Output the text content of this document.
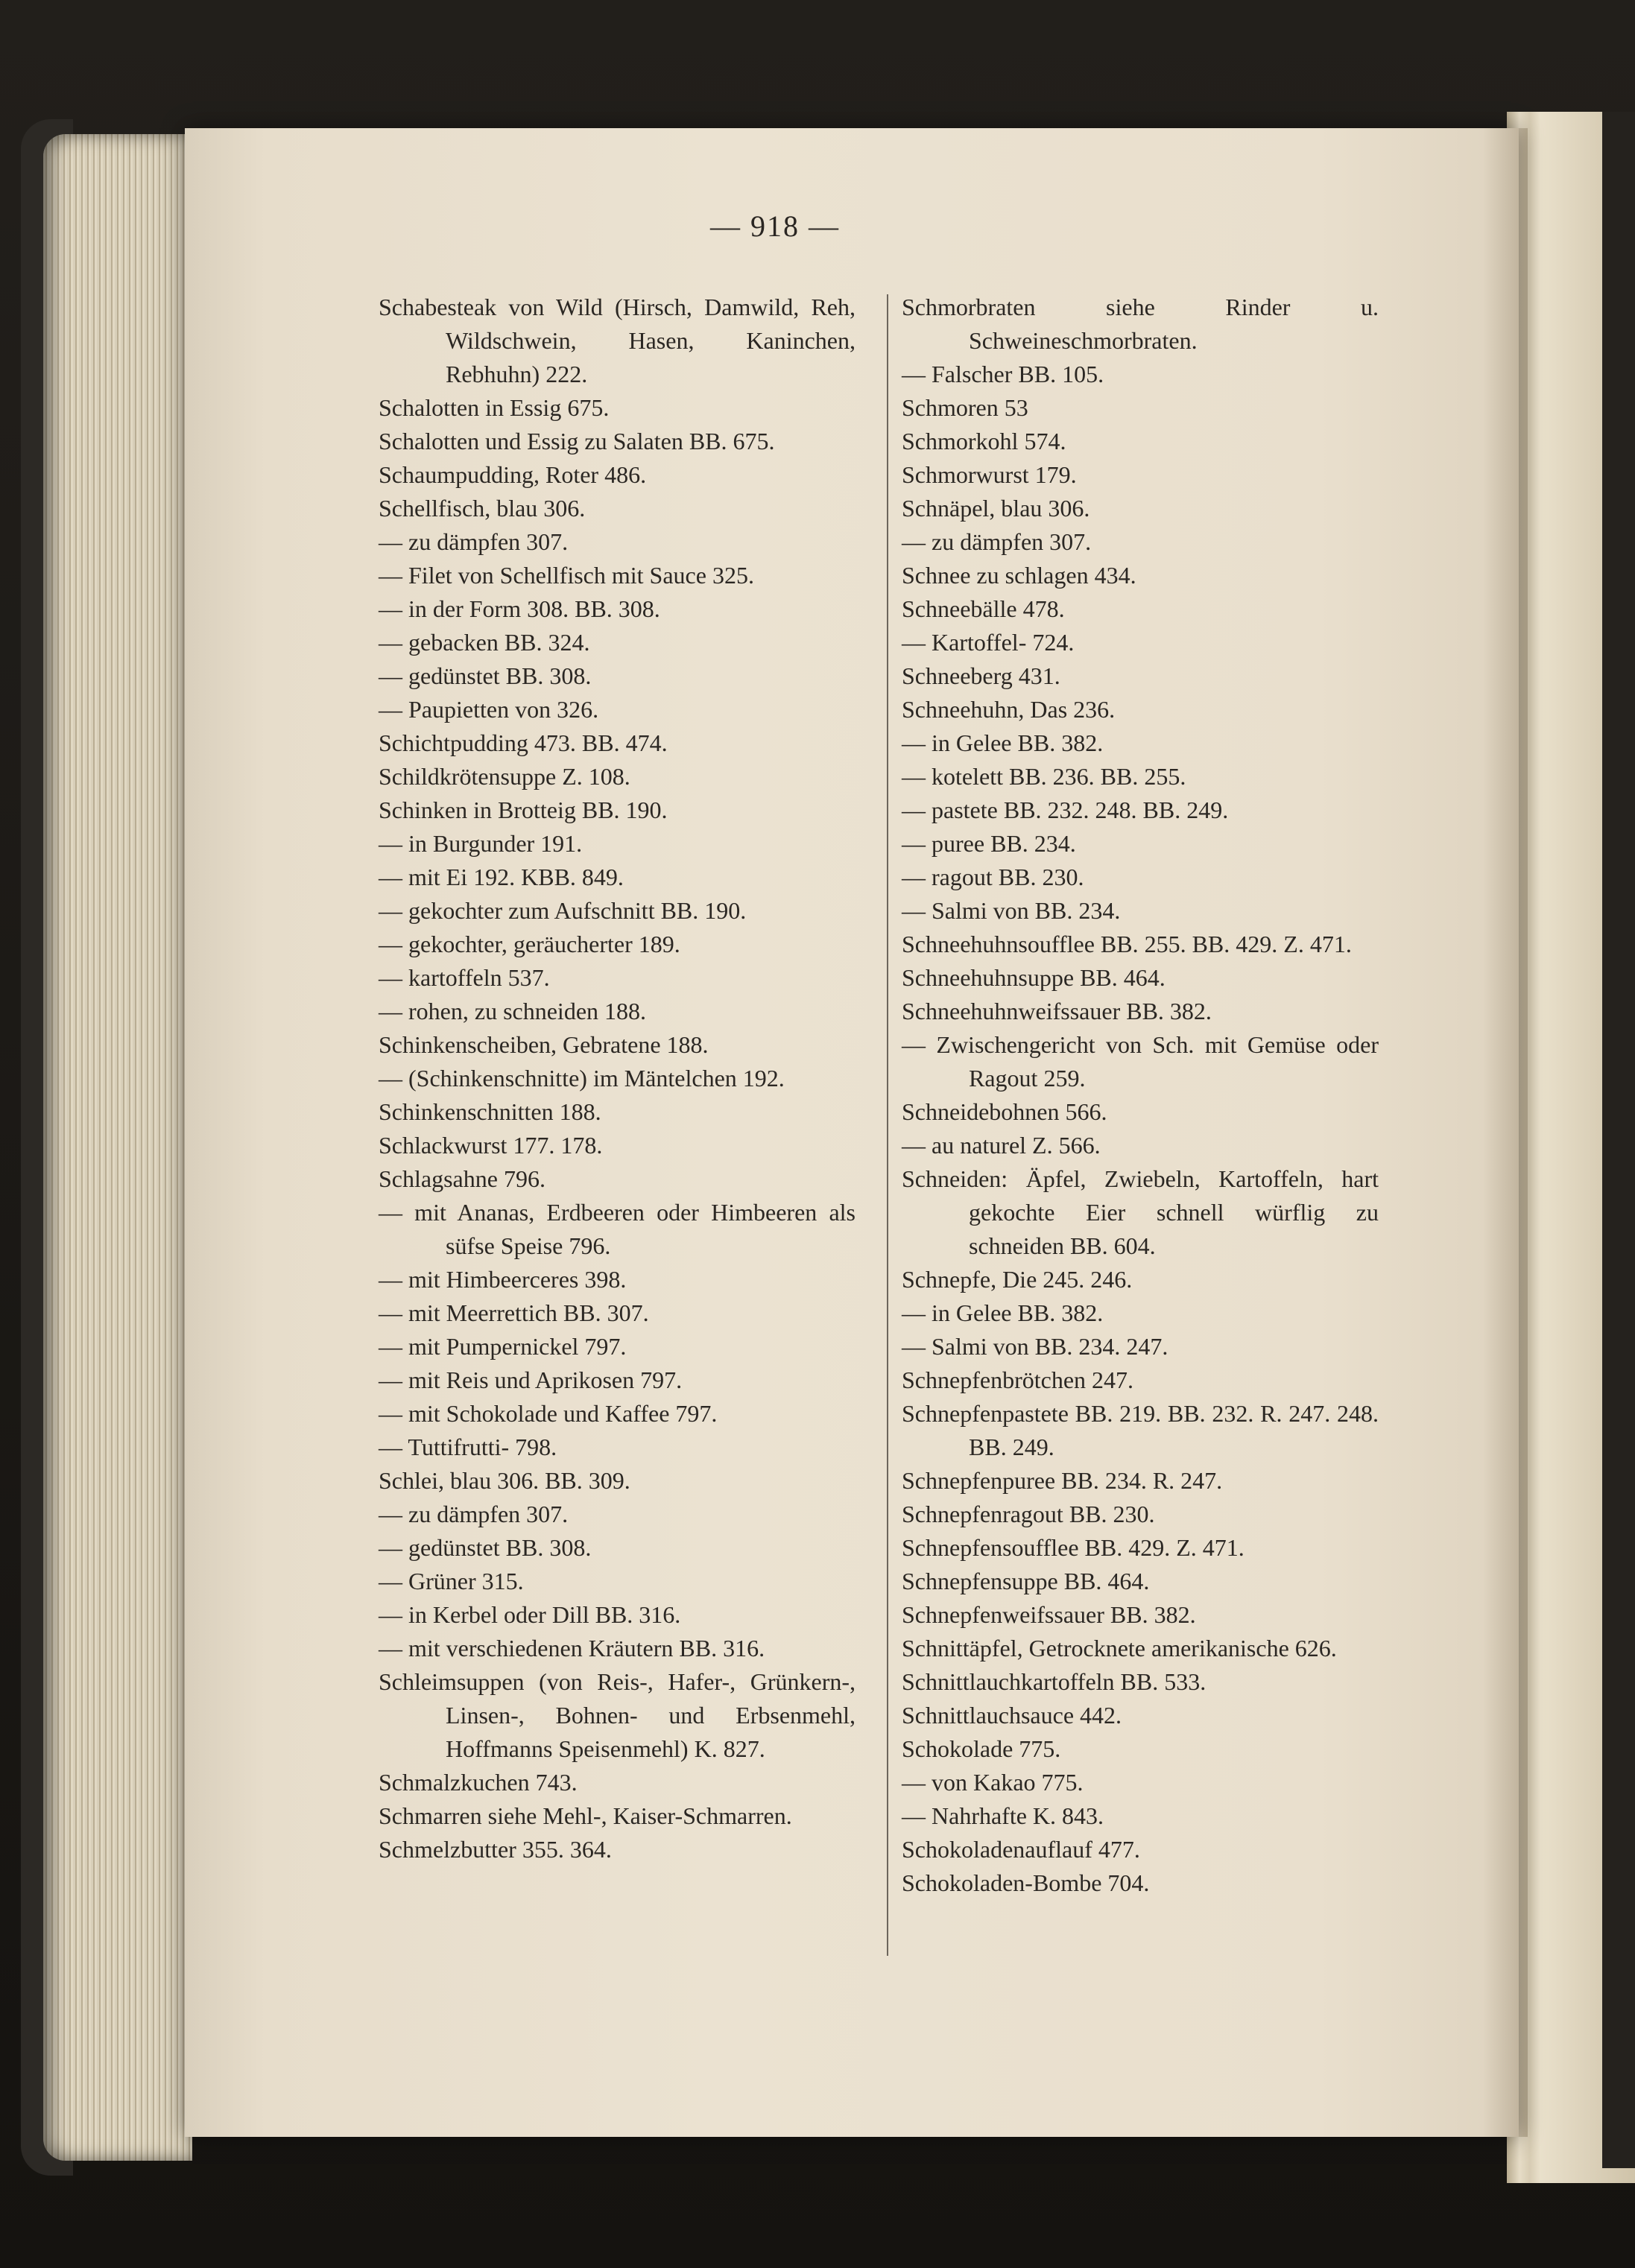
— 918 —
Schabesteak von Wild (Hirsch, Damwild, Reh, Wildschwein, Hasen, Kaninchen, Rebhuhn) 222.
Schalotten in Essig 675.
Schalotten und Essig zu Salaten BB. 675.
Schaumpudding, Roter 486.
Schellfisch, blau 306.
— zu dämpfen 307.
— Filet von Schellfisch mit Sauce 325.
— in der Form 308. BB. 308.
— gebacken BB. 324.
— gedünstet BB. 308.
— Paupietten von 326.
Schichtpudding 473. BB. 474.
Schildkrötensuppe Z. 108.
Schinken in Brotteig BB. 190.
— in Burgunder 191.
— mit Ei 192. KBB. 849.
— gekochter zum Aufschnitt BB. 190.
— gekochter, geräucherter 189.
— kartoffeln 537.
— rohen, zu schneiden 188.
Schinkenscheiben, Gebratene 188.
— (Schinkenschnitte) im Mäntelchen 192.
Schinkenschnitten 188.
Schlackwurst 177. 178.
Schlagsahne 796.
— mit Ananas, Erdbeeren oder Himbeeren als süfse Speise 796.
— mit Himbeerceres 398.
— mit Meerrettich BB. 307.
— mit Pumpernickel 797.
— mit Reis und Aprikosen 797.
— mit Schokolade und Kaffee 797.
— Tuttifrutti- 798.
Schlei, blau 306. BB. 309.
— zu dämpfen 307.
— gedünstet BB. 308.
— Grüner 315.
— in Kerbel oder Dill BB. 316.
— mit verschiedenen Kräutern BB. 316.
Schleimsuppen (von Reis-, Hafer-, Grünkern-, Linsen-, Bohnen- und Erbsenmehl, Hoffmanns Speisenmehl) K. 827.
Schmalzkuchen 743.
Schmarren siehe Mehl-, Kaiser-Schmarren.
Schmelzbutter 355. 364.
Schmorbraten siehe Rinder u. Schweineschmorbraten.
— Falscher BB. 105.
Schmoren 53
Schmorkohl 574.
Schmorwurst 179.
Schnäpel, blau 306.
— zu dämpfen 307.
Schnee zu schlagen 434.
Schneebälle 478.
— Kartoffel- 724.
Schneeberg 431.
Schneehuhn, Das 236.
— in Gelee BB. 382.
— kotelett BB. 236. BB. 255.
— pastete BB. 232. 248. BB. 249.
— puree BB. 234.
— ragout BB. 230.
— Salmi von BB. 234.
Schneehuhnsoufflee BB. 255. BB. 429. Z. 471.
Schneehuhnsuppe BB. 464.
Schneehuhnweifssauer BB. 382.
— Zwischengericht von Sch. mit Gemüse oder Ragout 259.
Schneidebohnen 566.
— au naturel Z. 566.
Schneiden: Äpfel, Zwiebeln, Kartoffeln, hart gekochte Eier schnell würflig zu schneiden BB. 604.
Schnepfe, Die 245. 246.
— in Gelee BB. 382.
— Salmi von BB. 234. 247.
Schnepfenbrötchen 247.
Schnepfenpastete BB. 219. BB. 232. R. 247. 248. BB. 249.
Schnepfenpuree BB. 234. R. 247.
Schnepfenragout BB. 230.
Schnepfensoufflee BB. 429. Z. 471.
Schnepfensuppe BB. 464.
Schnepfenweifssauer BB. 382.
Schnittäpfel, Getrocknete amerikanische 626.
Schnittlauchkartoffeln BB. 533.
Schnittlauchsauce 442.
Schokolade 775.
— von Kakao 775.
— Nahrhafte K. 843.
Schokoladenauflauf 477.
Schokoladen-Bombe 704.
